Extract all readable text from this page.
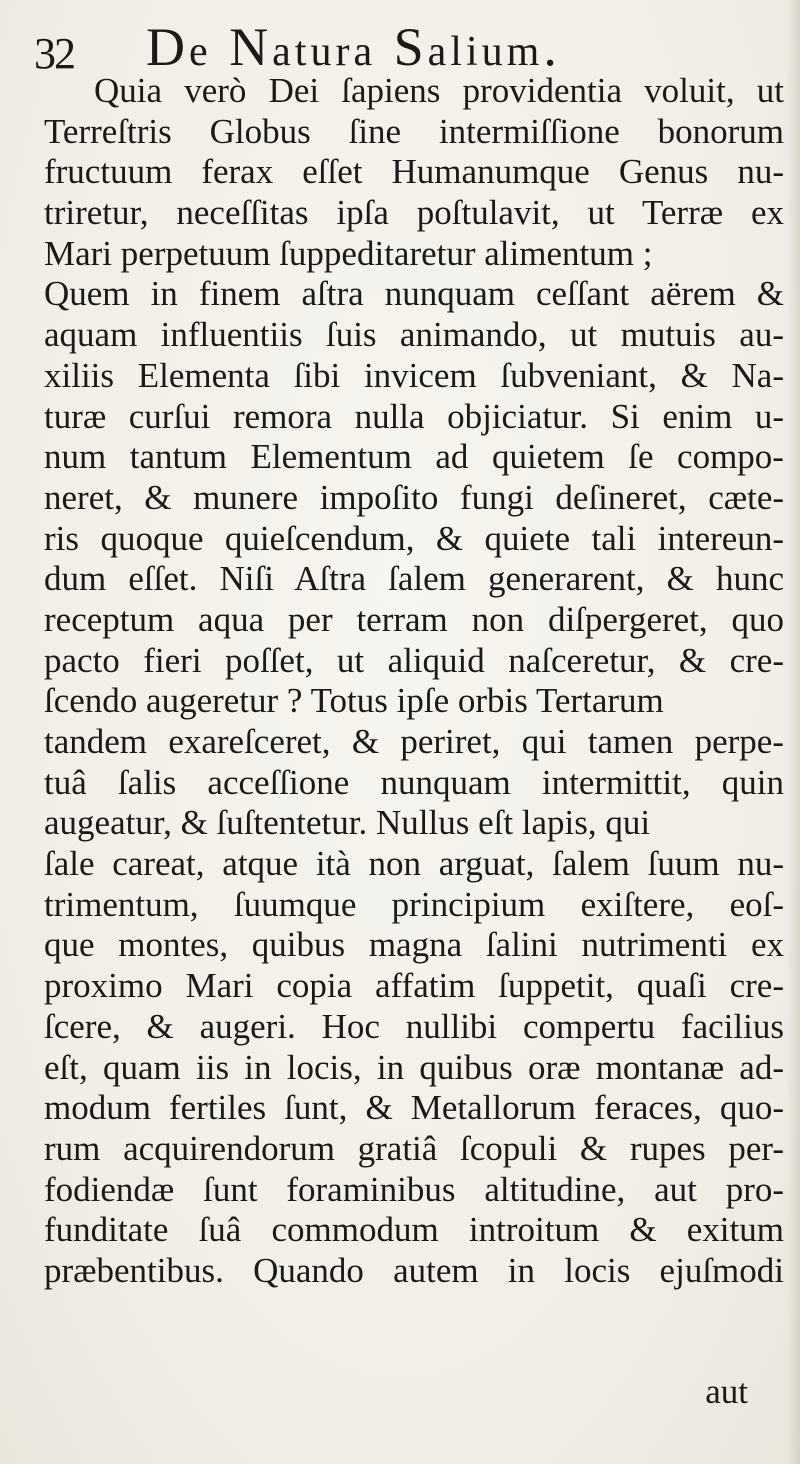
32 De Natura Salium.
Quia verò Dei ſapiens providentia voluit, ut
Terreſtris Globus ſine intermiſſione bonorum
fructuum ferax eſſet Humanumque Genus nu-
triretur, neceſſitas ipſa poſtulavit, ut Terræ ex
Mari perpetuum ſuppeditaretur alimentum ;
Quem in finem aſtra nunquam ceſſant aërem &
aquam influentiis ſuis animando, ut mutuis au-
xiliis Elementa ſibi invicem ſubveniant, & Na-
turæ curſui remora nulla objiciatur. Si enim u-
num tantum Elementum ad quietem ſe compo-
neret, & munere impoſito fungi deſineret, cæte-
ris quoque quieſcendum, & quiete tali intereun-
dum eſſet. Niſi Aſtra ſalem generarent, & hunc
receptum aqua per terram non diſpergeret, quo
pacto fieri poſſet, ut aliquid naſceretur, & cre-
ſcendo augeretur ? Totus ipſe orbis Tertarum
tandem exareſceret, & periret, qui tamen perpe-
tuâ ſalis acceſſione nunquam intermittit, quin
augeatur, & ſuſtentetur. Nullus eſt lapis, qui
ſale careat, atque ità non arguat, ſalem ſuum nu-
trimentum, ſuumque principium exiſtere, eoſ-
que montes, quibus magna ſalini nutrimenti ex
proximo Mari copia affatim ſuppetit, quaſi cre-
ſcere, & augeri. Hoc nullibi compertu facilius
eſt, quam iis in locis, in quibus oræ montanæ ad-
modum fertiles ſunt, & Metallorum feraces, quo-
rum acquirendorum gratiâ ſcopuli & rupes per-
fodiendæ ſunt foraminibus altitudine, aut pro-
funditate ſuâ commodum introitum & exitum
præbentibus. Quando autem in locis ejuſmodi
aut
